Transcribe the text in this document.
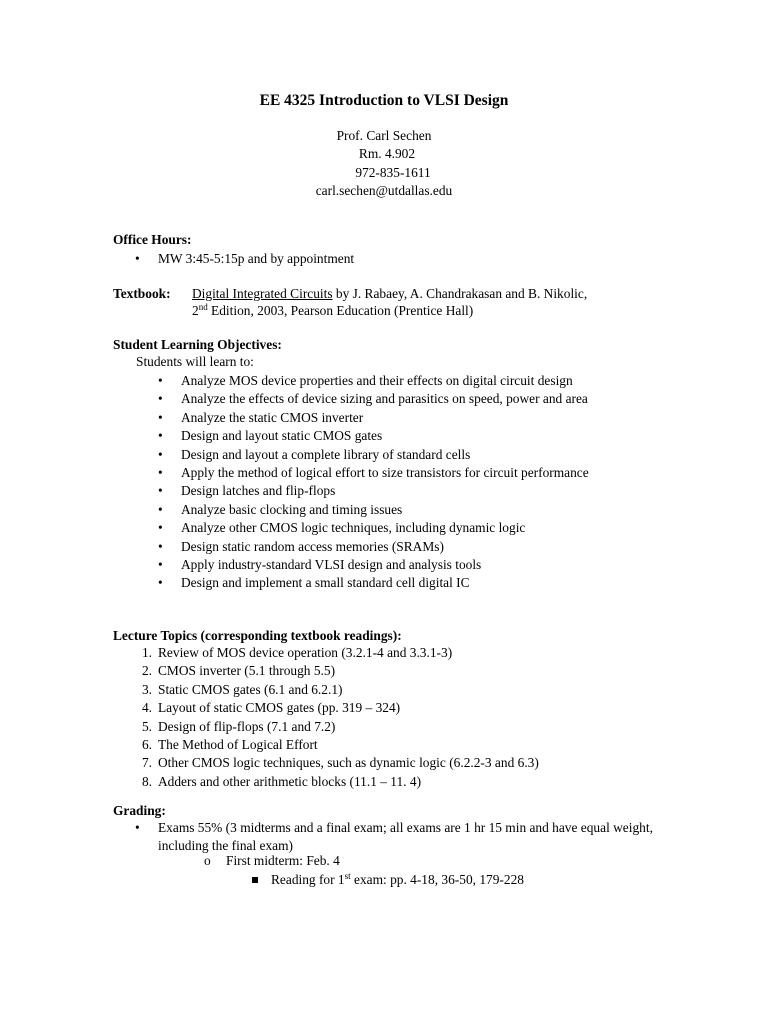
EE 4325 Introduction to VLSI Design
Prof. Carl Sechen
Rm. 4.902
972-835-1611
carl.sechen@utdallas.edu
Office Hours:
• MW 3:45-5:15p and by appointment
Textbook: Digital Integrated Circuits by J. Rabaey, A. Chandrakasan and B. Nikolic,
2nd Edition, 2003, Pearson Education (Prentice Hall)
Student Learning Objectives:
Students will learn to:
• Analyze MOS device properties and their effects on digital circuit design
• Analyze the effects of device sizing and parasitics on speed, power and area
• Analyze the static CMOS inverter
• Design and layout static CMOS gates
• Design and layout a complete library of standard cells
• Apply the method of logical effort to size transistors for circuit performance
• Design latches and flip-flops
• Analyze basic clocking and timing issues
• Analyze other CMOS logic techniques, including dynamic logic
• Design static random access memories (SRAMs)
• Apply industry-standard VLSI design and analysis tools
• Design and implement a small standard cell digital IC
Lecture Topics (corresponding textbook readings):
1. Review of MOS device operation (3.2.1-4 and 3.3.1-3)
2. CMOS inverter (5.1 through 5.5)
3. Static CMOS gates (6.1 and 6.2.1)
4. Layout of static CMOS gates (pp. 319 – 324)
5. Design of flip-flops (7.1 and 7.2)
6. The Method of Logical Effort
7. Other CMOS logic techniques, such as dynamic logic (6.2.2-3 and 6.3)
8. Adders and other arithmetic blocks (11.1 – 11. 4)
Grading:
• Exams 55% (3 midterms and a final exam; all exams are 1 hr 15 min and have equal weight, including the final exam)
o First midterm: Feb. 4
Reading for 1st exam: pp. 4-18, 36-50, 179-228
